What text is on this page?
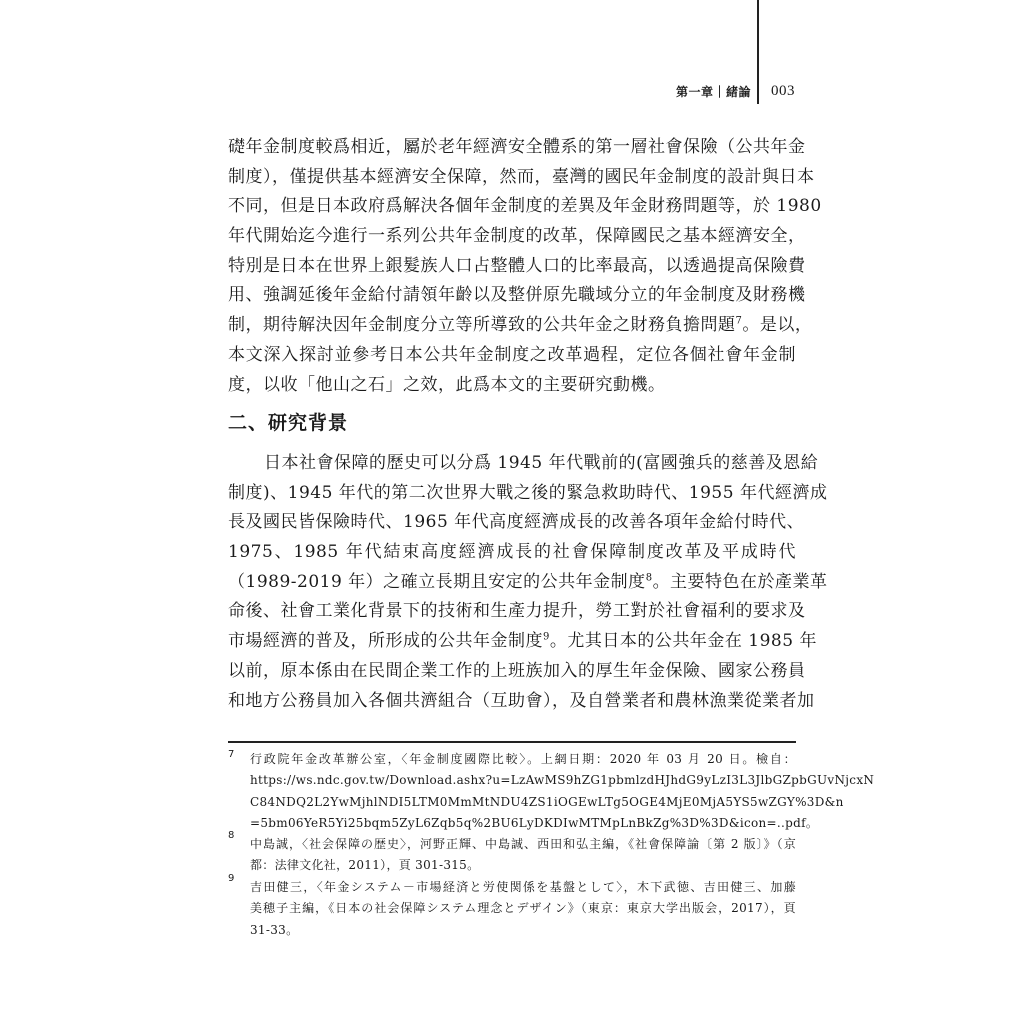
第一章｜緒論 003
礎年金制度較爲相近，屬於老年經濟安全體系的第一層社會保險（公共年金
制度），僅提供基本經濟安全保障，然而，臺灣的國民年金制度的設計與日本
不同，但是日本政府爲解決各個年金制度的差異及年金財務問題等，於 1980
年代開始迄今進行一系列公共年金制度的改革，保障國民之基本經濟安全，
特別是日本在世界上銀髮族人口占整體人口的比率最高，以透過提高保險費
用、強調延後年金給付請領年齡以及整併原先職域分立的年金制度及財務機
制，期待解決因年金制度分立等所導致的公共年金之財務負擔問題$^7$。是以，
本文深入探討並參考日本公共年金制度之改革過程，定位各個社會年金制
度，以收「他山之石」之效，此爲本文的主要研究動機。
二、研究背景
日本社會保障的歷史可以分爲 1945 年代戰前的(富國強兵的慈善及恩給
制度)、1945 年代的第二次世界大戰之後的緊急救助時代、1955 年代經濟成
長及國民皆保險時代、1965 年代高度經濟成長的改善各項年金給付時代、
1975、1985 年代結束高度經濟成長的社會保障制度改革及平成時代
（1989-2019 年）之確立長期且安定的公共年金制度$^8$。主要特色在於產業革
命後、社會工業化背景下的技術和生產力提升，勞工對於社會福利的要求及
市場經濟的普及，所形成的公共年金制度$^9$。尤其日本的公共年金在 1985 年
以前，原本係由在民間企業工作的上班族加入的厚生年金保險、國家公務員
和地方公務員加入各個共濟組合（互助會），及自營業者和農林漁業從業者加
7 行政院年金改革辦公室，〈年金制度國際比較〉。上網日期：2020 年 03 月 20 日。檢自：
https://ws.ndc.gov.tw/Download.ashx?u=LzAwMS9hZG1pbmlzdHJhdG9yLzI3L3JlbGZpbGUvNjcxN
C84NDQ2L2YwMjhlNDI5LTM0MmMtNDU4ZS1iOGEwLTg5OGE4MjE0MjA5YS5wZGY%3D&n
=5bm06YeR5Yi25bqm5ZyL6Zqb5q%2BU6LyDKDIwMTMpLnBkZg%3D%3D&icon=..pdf。
8
中島誠，〈社会保障の歴史〉，河野正輝、中島誠、西田和弘主編，《社會保障論〔第 2 版〕》（京
都：法律文化社，2011），頁 301-315。
9
吉田健三，〈年金システム－市場経済と労使関係を基盤として〉，木下武徳、吉田健三、加藤
美穂子主編，《日本の社会保障システム理念とデザイン》（東京：東京大学出版会，2017），頁
31-33。
